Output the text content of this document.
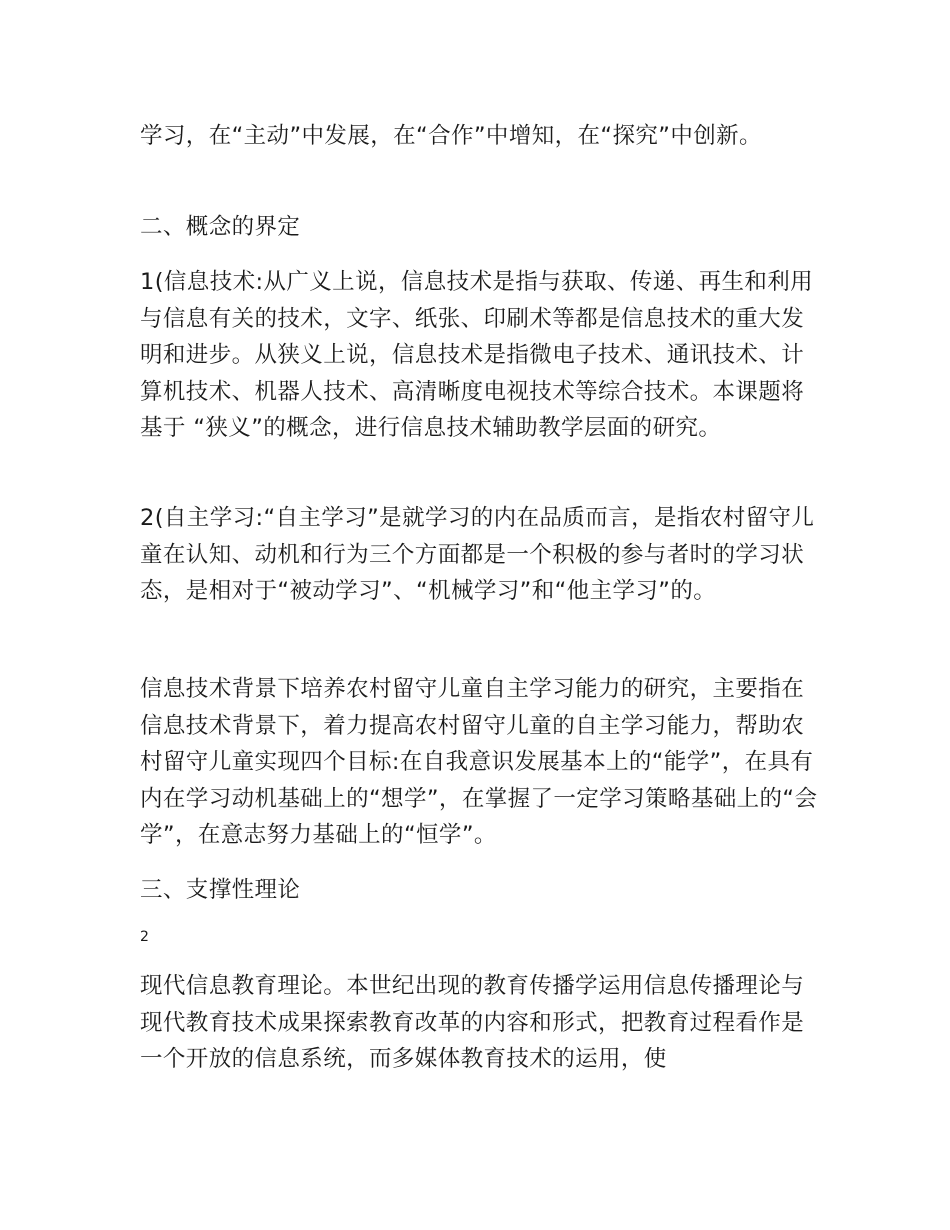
学习，在“主动”中发展，在“合作”中增知，在“探究”中创新。

二、概念的界定

1(信息技术:从广义上说，信息技术是指与获取、传递、再生和利用与信息有关的技术，文字、纸张、印刷术等都是信息技术的重大发明和进步。从狭义上说，信息技术是指微电子技术、通讯技术、计算机技术、机器人技术、高清晰度电视技术等综合技术。本课题将基于 “狭义”的概念，进行信息技术辅助教学层面的研究。

2(自主学习:“自主学习”是就学习的内在品质而言，是指农村留守儿童在认知、动机和行为三个方面都是一个积极的参与者时的学习状态，是相对于“被动学习”、“机械学习”和“他主学习”的。

信息技术背景下培养农村留守儿童自主学习能力的研究，主要指在信息技术背景下，着力提高农村留守儿童的自主学习能力，帮助农村留守儿童实现四个目标:在自我意识发展基本上的“能学”，在具有内在学习动机基础上的“想学”，在掌握了一定学习策略基础上的“会学”，在意志努力基础上的“恒学”。

三、支撑性理论

2

现代信息教育理论。本世纪出现的教育传播学运用信息传播理论与现代教育技术成果探索教育改革的内容和形式，把教育过程看作是一个开放的信息系统，而多媒体教育技术的运用，使
